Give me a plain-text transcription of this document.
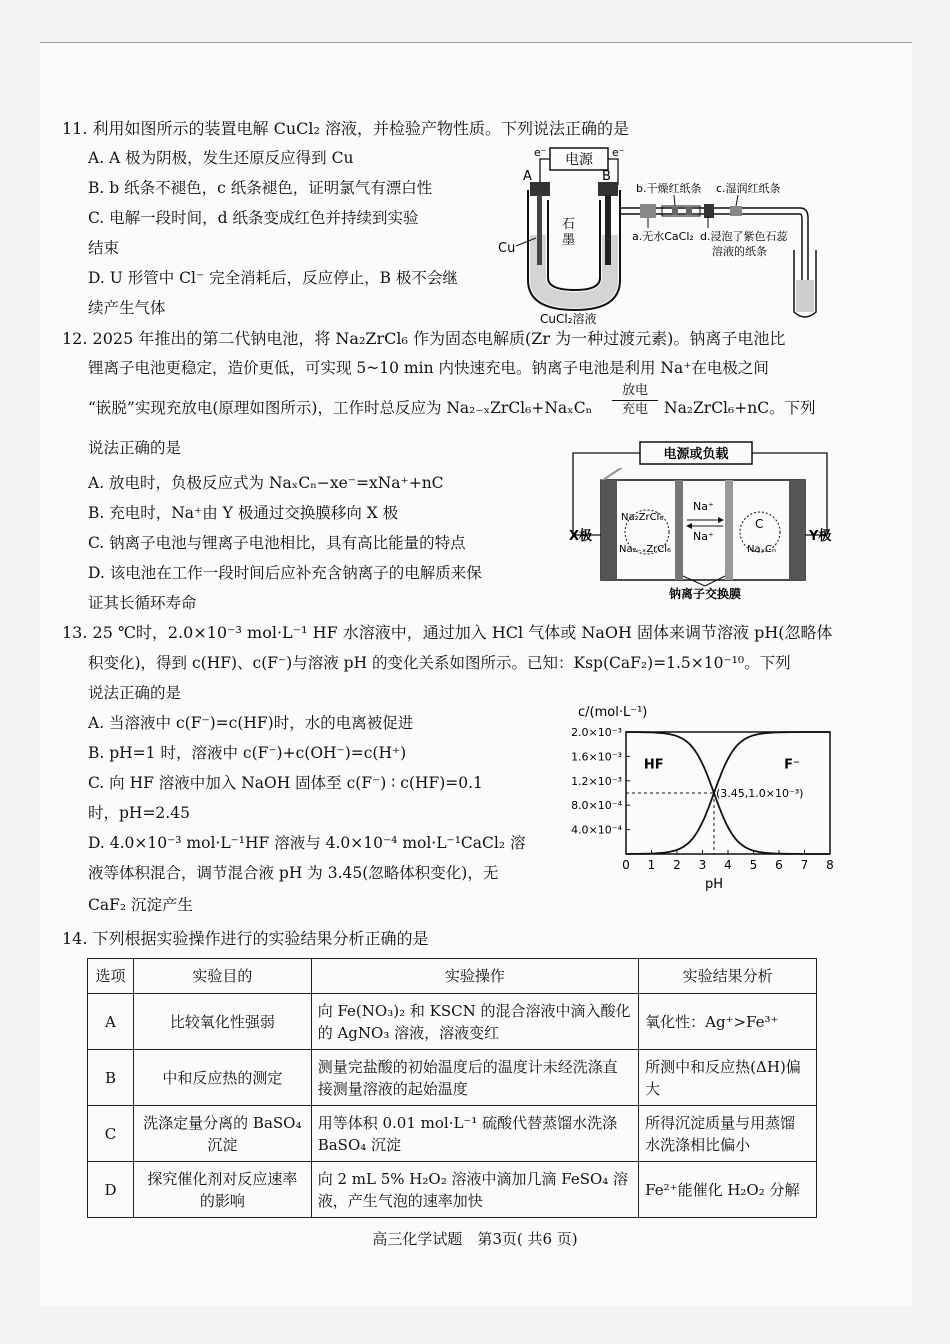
11. 利用如图所示的装置电解 CuCl₂ 溶液，并检验产物性质。下列说法正确的是
A. A 极为阴极，发生还原反应得到 Cu
B. b 纸条不褪色，c 纸条褪色，证明氯气有漂白性
C. 电解一段时间，d 纸条变成红色并持续到实验
结束
D. U 形管中 Cl⁻ 完全消耗后，反应停止，B 极不会继
续产生气体
电源
e⁻	e⁻
A	B
Cu
石
墨
CuCl₂溶液
b.干燥红纸条 c.湿润红纸条
a.无水CaCl₂ d.浸泡了紫色石蕊
溶液的纸条
12. 2025 年推出的第二代钠电池，将 Na₂ZrCl₆ 作为固态电解质(Zr 为一种过渡元素)。钠离子电池比
锂离子电池更稳定，造价更低，可实现 5~10 min 内快速充电。钠离子电池是利用 Na⁺在电极之间
“嵌脱”实现充放电(原理如图所示)，工作时总反应为 Na₂₋ₓZrCl₆+NaₓCₙ
放电
充电	Na₂ZrCl₆+nC。下列
说法正确的是
A. 放电时，负极反应式为 NaₓCₙ−xe⁻=xNa⁺+nC
B. 充电时，Na⁺由 Y 极通过交换膜移向 X 极
C. 钠离子电池与锂离子电池相比，具有高比能量的特点
D. 该电池在工作一段时间后应补充含钠离子的电解质来保
证其长循环寿命
电源或负载
Na₂ZrCl₆
Na₂₋ₓZrCl₆
Na⁺
Na⁺
C
NaₓCₙ
X极	Y极
钠离子交换膜
13. 25 ℃时，2.0×10⁻³ mol·L⁻¹ HF 水溶液中，通过加入 HCl 气体或 NaOH 固体来调节溶液 pH(忽略体
积变化)，得到 c(HF)、c(F⁻)与溶液 pH 的变化关系如图所示。已知：Ksp(CaF₂)=1.5×10⁻¹⁰。下列
说法正确的是
A. 当溶液中 c(F⁻)=c(HF)时，水的电离被促进
B. pH=1 时，溶液中 c(F⁻)+c(OH⁻)=c(H⁺)
C. 向 HF 溶液中加入 NaOH 固体至 c(F⁻) ∶ c(HF)=0.1
时，pH=2.45
D. 4.0×10⁻³ mol·L⁻¹HF 溶液与 4.0×10⁻⁴ mol·L⁻¹CaCl₂ 溶
液等体积混合，调节混合液 pH 为 3.45(忽略体积变化)，无
CaF₂ 沉淀产生
c/(mol·L⁻¹)
pH
0 1 2 3 4 5 6 7 8
2.0×10⁻³
1.6×10⁻³
1.2×10⁻³
8.0×10⁻⁴
4.0×10⁻⁴
HF	F⁻
(3.45,1.0×10⁻³)
14. 下列根据实验操作进行的实验结果分析正确的是
选项	实验目的	实验操作	实验结果分析
A	比较氧化性强弱	向 Fe(NO₃)₂ 和 KSCN 的混合溶液中滴入酸化的 AgNO₃ 溶液，溶液变红	氧化性：Ag⁺>Fe³⁺
B	中和反应热的测定	测量完盐酸的初始温度后的温度计未经洗涤直接测量溶液的起始温度	所测中和反应热(ΔH)偏大
C	洗涤定量分离的 BaSO₄ 沉淀	用等体积 0.01 mol·L⁻¹ 硫酸代替蒸馏水洗涤 BaSO₄ 沉淀	所得沉淀质量与用蒸馏水洗涤相比偏小
D	探究催化剂对反应速率的影响	向 2 mL 5% H₂O₂ 溶液中滴加几滴 FeSO₄ 溶液，产生气泡的速率加快	Fe²⁺能催化 H₂O₂ 分解
高三化学试题　第3页( 共6 页)
